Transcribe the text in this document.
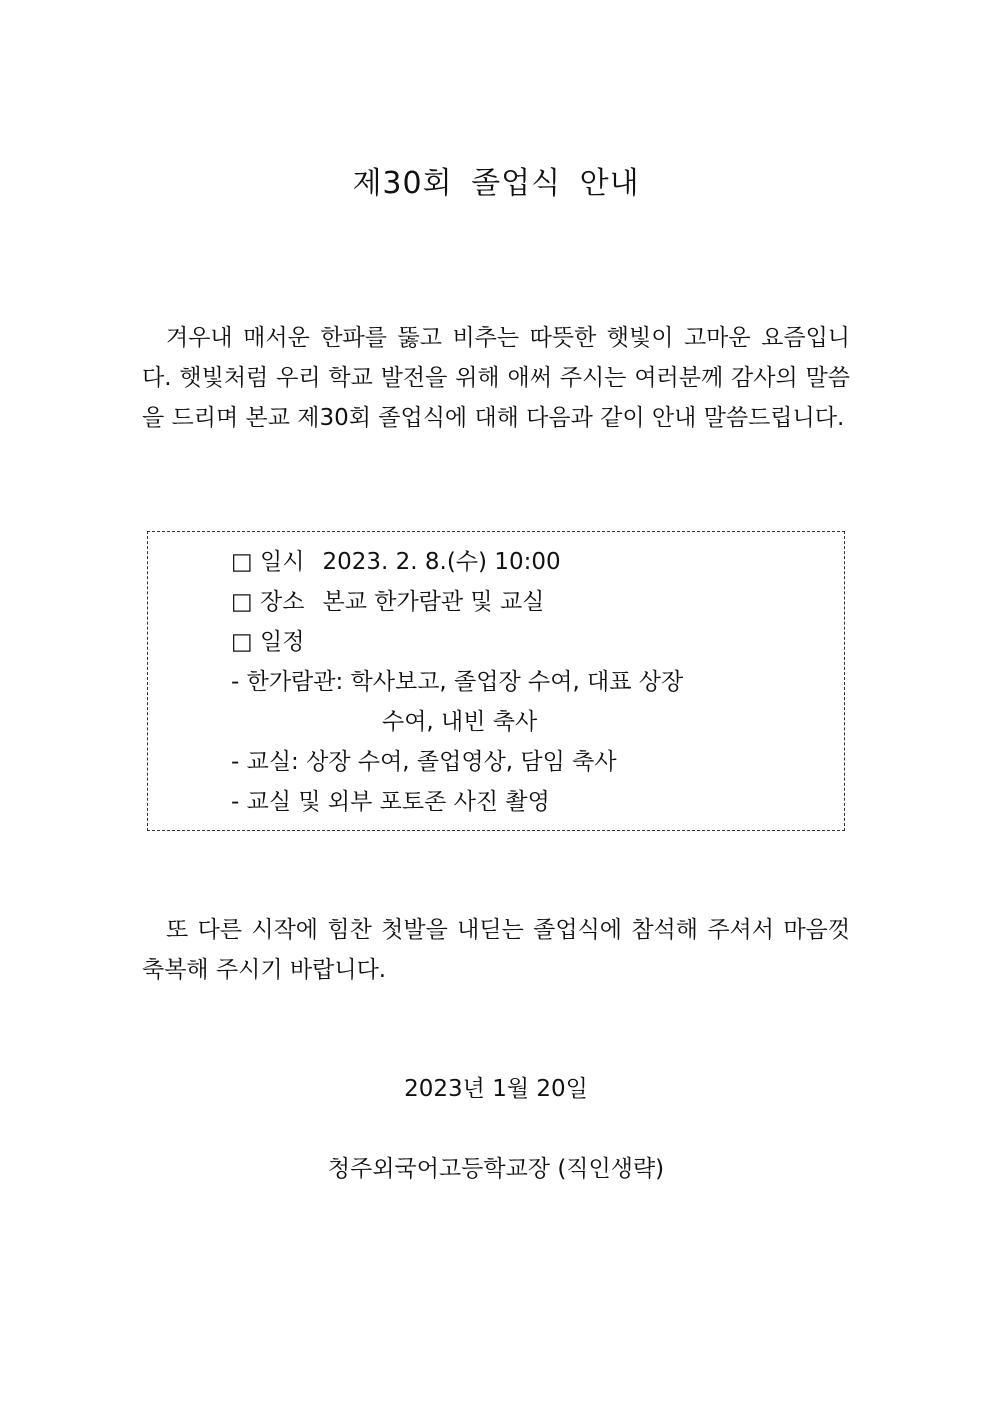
제30회 졸업식 안내
겨우내 매서운 한파를 뚫고 비추는 따뜻한 햇빛이 고마운 요즘입니다. 햇빛처럼 우리 학교 발전을 위해 애써 주시는 여러분께 감사의 말씀을 드리며 본교 제30회 졸업식에 대해 다음과 같이 안내 말씀드립니다.
□ 일시 2023. 2. 8.(수) 10:00
□ 장소 본교 한가람관 및 교실
□ 일정
- 한가람관: 학사보고, 졸업장 수여, 대표 상장
수여, 내빈 축사
- 교실: 상장 수여, 졸업영상, 담임 축사
- 교실 및 외부 포토존 사진 촬영
또 다른 시작에 힘찬 첫발을 내딛는 졸업식에 참석해 주셔서 마음껏 축복해 주시기 바랍니다.
2023년 1월 20일
청주외국어고등학교장 (직인생략)
